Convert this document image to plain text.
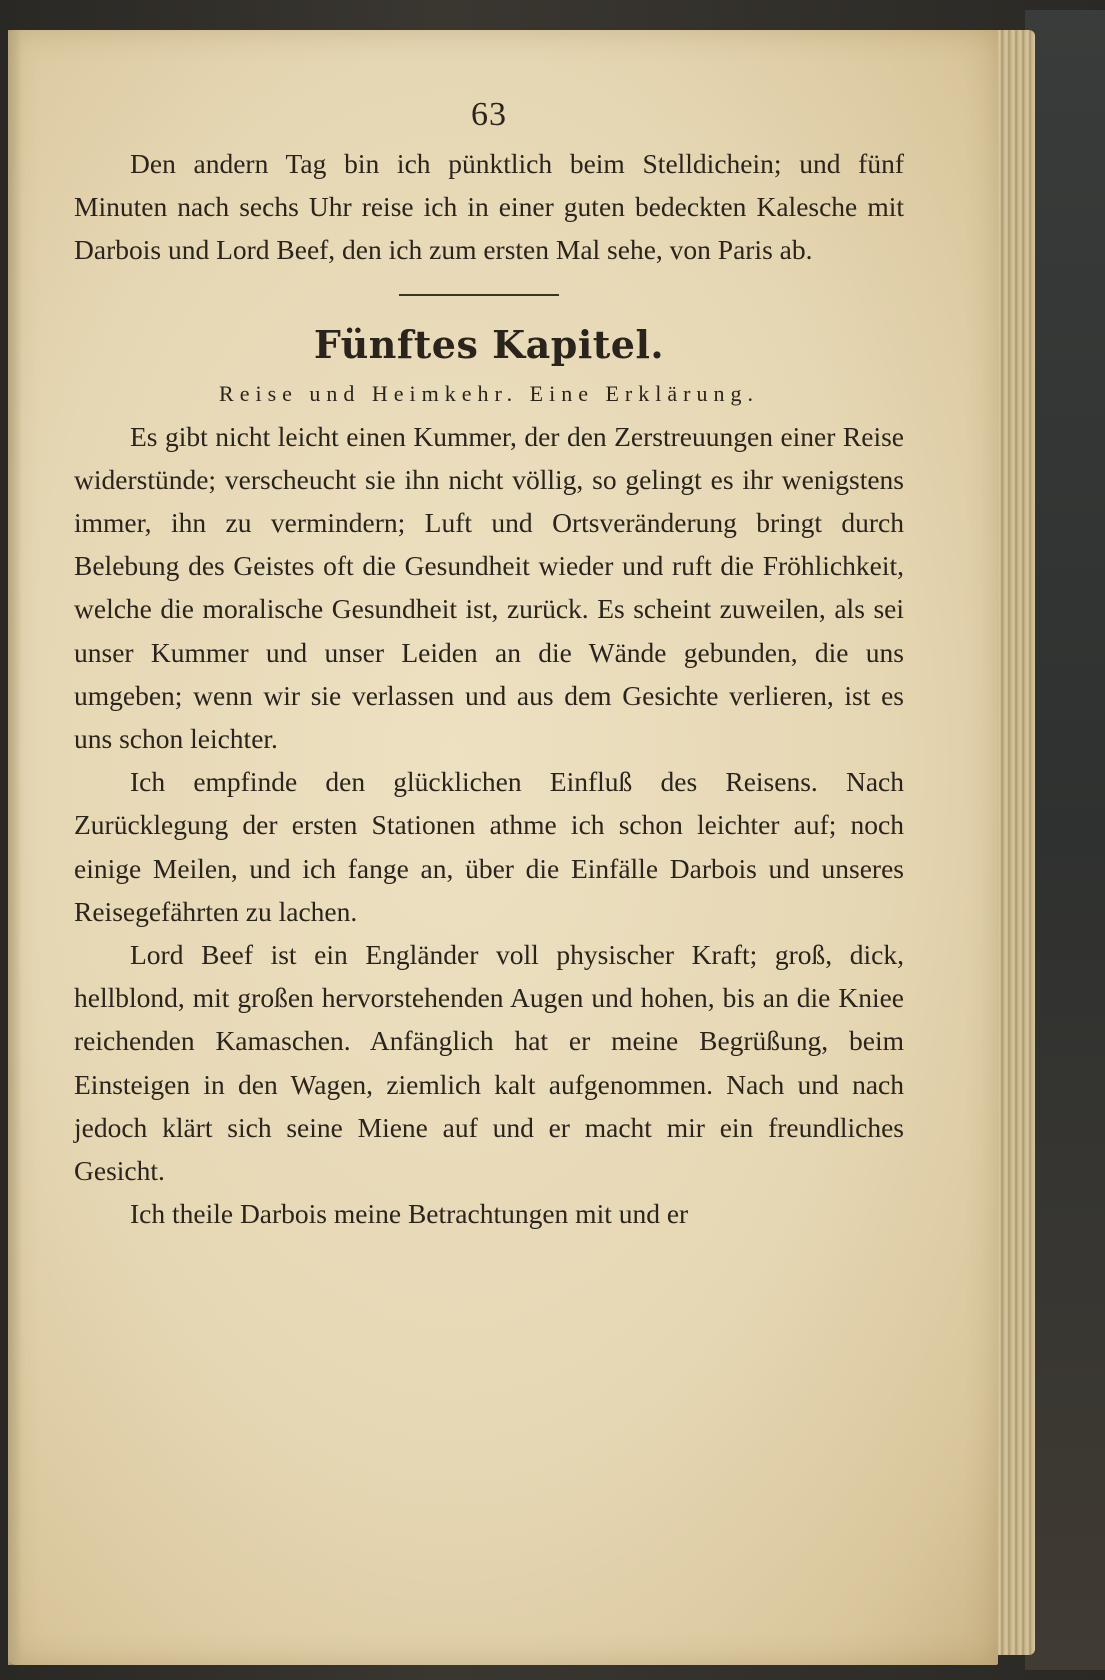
63

Den andern Tag bin ich pünktlich beim Stelldichein; und fünf Minuten nach sechs Uhr reise ich in einer guten bedeckten Kalesche mit Darbois und Lord Beef, den ich zum ersten Mal sehe, von Paris ab.

Fünftes Kapitel.
Reise und Heimkehr. Eine Erklärung.

Es gibt nicht leicht einen Kummer, der den Zerstreuungen einer Reise widerstünde; verscheucht sie ihn nicht völlig, so gelingt es ihr wenigstens immer, ihn zu vermindern; Luft und Ortsveränderung bringt durch Belebung des Geistes oft die Gesundheit wieder und ruft die Fröhlichkeit, welche die moralische Gesundheit ist, zurück. Es scheint zuweilen, als sei unser Kummer und unser Leiden an die Wände gebunden, die uns umgeben; wenn wir sie verlassen und aus dem Gesichte verlieren, ist es uns schon leichter.

Ich empfinde den glücklichen Einfluß des Reisens. Nach Zurücklegung der ersten Stationen athme ich schon leichter auf; noch einige Meilen, und ich fange an, über die Einfälle Darbois und unseres Reisegefährten zu lachen.

Lord Beef ist ein Engländer voll physischer Kraft; groß, dick, hellblond, mit großen hervorstehenden Augen und hohen, bis an die Kniee reichenden Kamaschen. Anfänglich hat er meine Begrüßung, beim Einsteigen in den Wagen, ziemlich kalt aufgenommen. Nach und nach jedoch klärt sich seine Miene auf und er macht mir ein freundliches Gesicht.

Ich theile Darbois meine Betrachtungen mit und er
